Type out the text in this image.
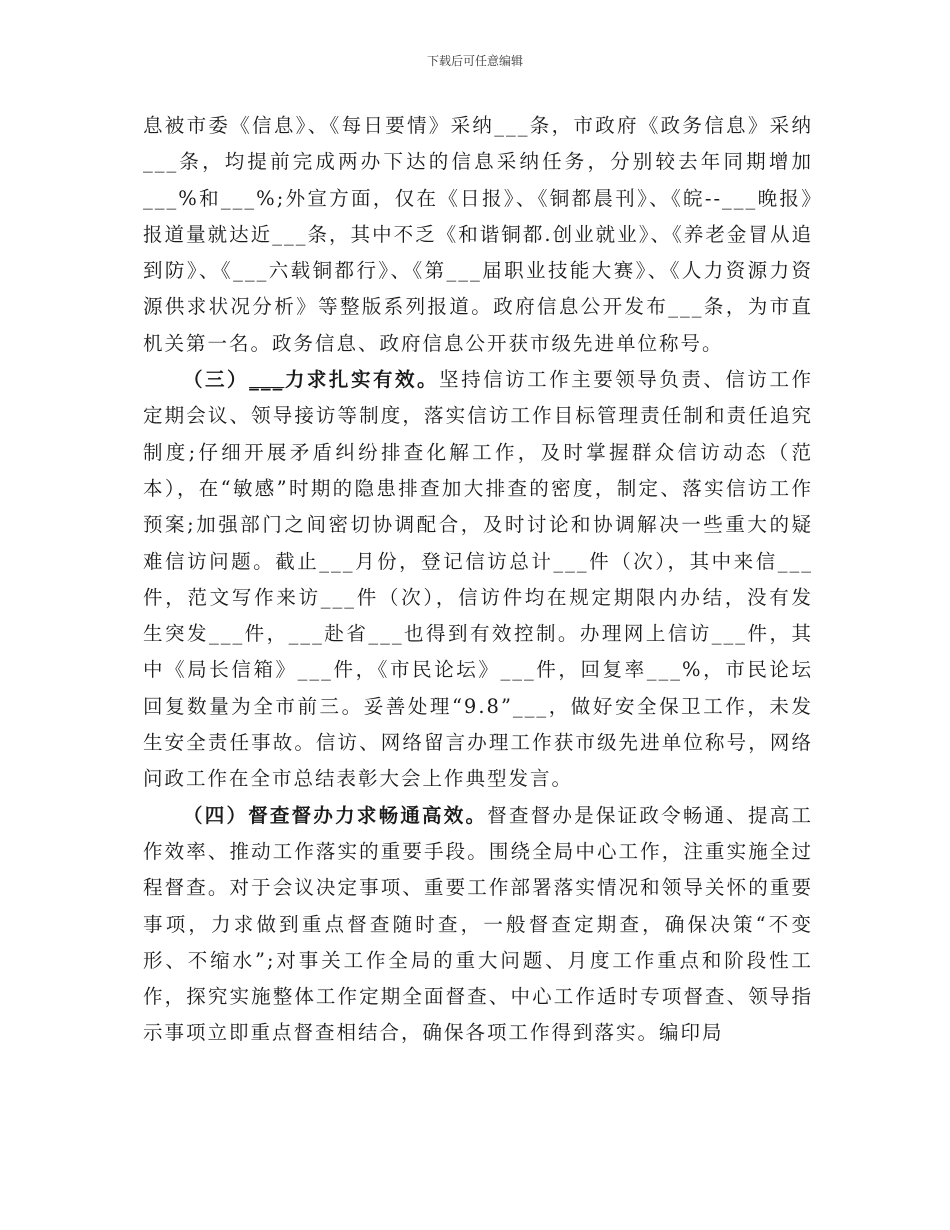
下载后可任意编辑

息被市委《信息》、《每日要情》采纳___条，市政府《政务信息》采纳___条，均提前完成两办下达的信息采纳任务，分别较去年同期增加___%和___%;外宣方面，仅在《日报》、《铜都晨刊》、《皖--___晚报》报道量就达近___条，其中不乏《和谐铜都.创业就业》、《养老金冒从追到防》、《___六载铜都行》、《第___届职业技能大赛》、《人力资源力资源供求状况分析》等整版系列报道。政府信息公开发布___条，为市直机关第一名。政务信息、政府信息公开获市级先进单位称号。

（三）___力求扎实有效。坚持信访工作主要领导负责、信访工作定期会议、领导接访等制度，落实信访工作目标管理责任制和责任追究制度;仔细开展矛盾纠纷排查化解工作，及时掌握群众信访动态（范本），在“敏感”时期的隐患排查加大排查的密度，制定、落实信访工作预案;加强部门之间密切协调配合，及时讨论和协调解决一些重大的疑难信访问题。截止___月份，登记信访总计___件（次），其中来信___件，范文写作来访___件（次），信访件均在规定期限内办结，没有发生突发___件，___赴省___也得到有效控制。办理网上信访___件，其中《局长信箱》___件，《市民论坛》___件，回复率___%，市民论坛回复数量为全市前三。妥善处理“9.8”___，做好安全保卫工作，未发生安全责任事故。信访、网络留言办理工作获市级先进单位称号，网络问政工作在全市总结表彰大会上作典型发言。

（四）督查督办力求畅通高效。督查督办是保证政令畅通、提高工作效率、推动工作落实的重要手段。围绕全局中心工作，注重实施全过程督查。对于会议决定事项、重要工作部署落实情况和领导关怀的重要事项，力求做到重点督查随时查，一般督查定期查，确保决策“不变形、不缩水”;对事关工作全局的重大问题、月度工作重点和阶段性工作，探究实施整体工作定期全面督查、中心工作适时专项督查、领导指示事项立即重点督查相结合，确保各项工作得到落实。编印局
